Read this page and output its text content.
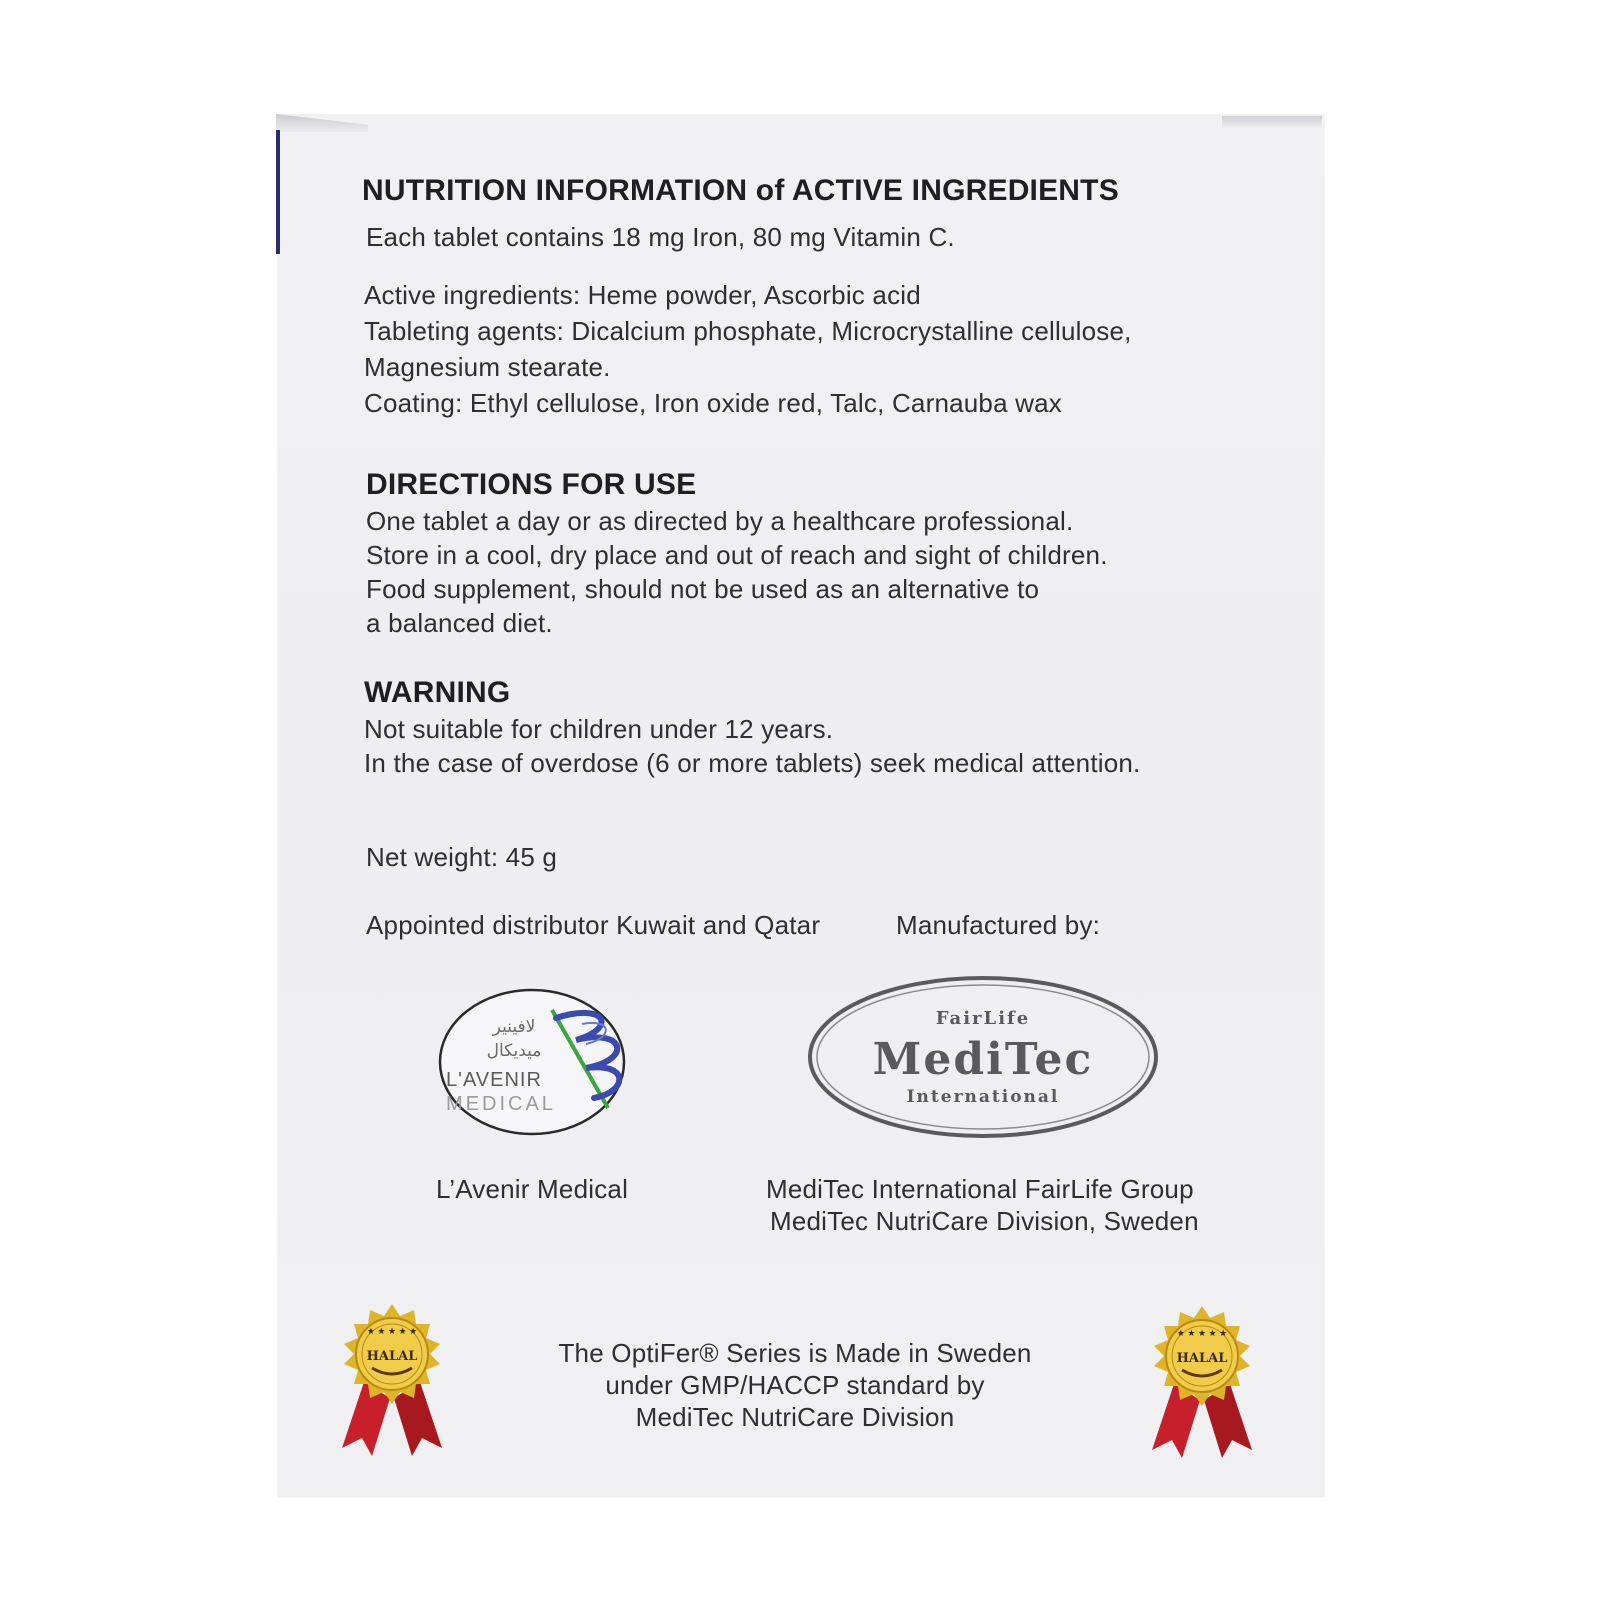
NUTRITION INFORMATION of ACTIVE INGREDIENTS
Each tablet contains 18 mg Iron, 80 mg Vitamin C.
Active ingredients: Heme powder, Ascorbic acid
Tableting agents: Dicalcium phosphate, Microcrystalline cellulose,
Magnesium stearate.
Coating: Ethyl cellulose, Iron oxide red, Talc, Carnauba wax
DIRECTIONS FOR USE
One tablet a day or as directed by a healthcare professional.
Store in a cool, dry place and out of reach and sight of children.
Food supplement, should not be used as an alternative to
a balanced diet.
WARNING
Not suitable for children under 12 years.
In the case of overdose (6 or more tablets) seek medical attention.
Net weight: 45 g
Appointed distributor Kuwait and Qatar	Manufactured by:
لافينير
ميديكال
L'AVENIR
MEDICAL
FairLife
MediTec
International
L’Avenir Medical	MediTec International FairLife Group
MediTec NutriCare Division, Sweden
The OptiFer® Series is Made in Sweden
under GMP/HACCP standard by
MediTec NutriCare Division
★ ★ ★ ★ ★
HALAL
★ ★ ★ ★ ★
HALAL
